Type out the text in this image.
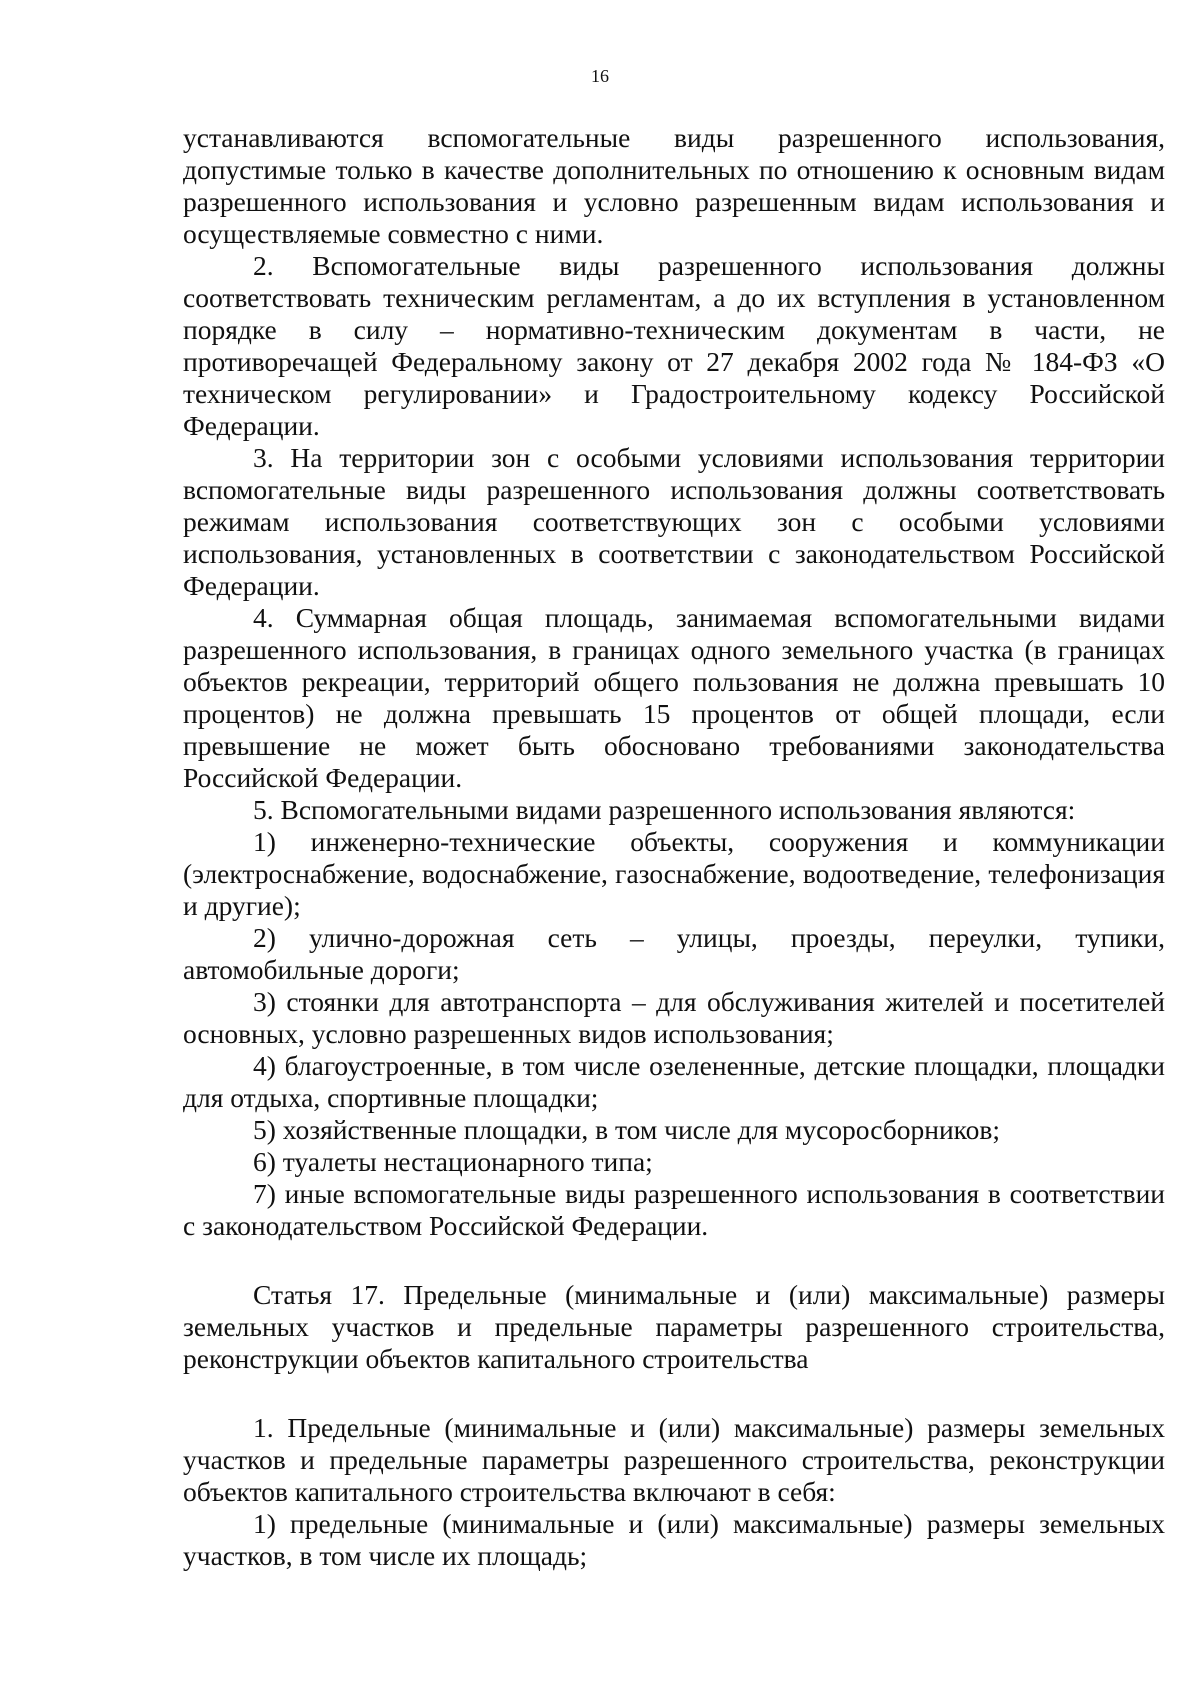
16

устанавливаются вспомогательные виды разрешенного использования, допустимые только в качестве дополнительных по отношению к основным видам разрешенного использования и условно разрешенным видам использования и осуществляемые совместно с ними.

2. Вспомогательные виды разрешенного использования должны соответствовать техническим регламентам, а до их вступления в установленном порядке в силу – нормативно-техническим документам в части, не противоречащей Федеральному закону от 27 декабря 2002 года № 184-ФЗ «О техническом регулировании» и Градостроительному кодексу Российской Федерации.

3. На территории зон с особыми условиями использования территории вспомогательные виды разрешенного использования должны соответствовать режимам использования соответствующих зон с особыми условиями использования, установленных в соответствии с законодательством Российской Федерации.

4. Суммарная общая площадь, занимаемая вспомогательными видами разрешенного использования, в границах одного земельного участка (в границах объектов рекреации, территорий общего пользования не должна превышать 10 процентов) не должна превышать 15 процентов от общей площади, если превышение не может быть обосновано требованиями законодательства Российской Федерации.

5. Вспомогательными видами разрешенного использования являются:

1) инженерно-технические объекты, сооружения и коммуникации (электроснабжение, водоснабжение, газоснабжение, водоотведение, телефонизация и другие);

2) улично-дорожная сеть – улицы, проезды, переулки, тупики, автомобильные дороги;

3) стоянки для автотранспорта – для обслуживания жителей и посетителей основных, условно разрешенных видов использования;

4) благоустроенные, в том числе озелененные, детские площадки, площадки для отдыха, спортивные площадки;

5) хозяйственные площадки, в том числе для мусоросборников;

6) туалеты нестационарного типа;

7) иные вспомогательные виды разрешенного использования в соответствии с законодательством Российской Федерации.

Статья 17. Предельные (минимальные и (или) максимальные) размеры земельных участков и предельные параметры разрешенного строительства, реконструкции объектов капитального строительства

1. Предельные (минимальные и (или) максимальные) размеры земельных участков и предельные параметры разрешенного строительства, реконструкции объектов капитального строительства включают в себя:

1) предельные (минимальные и (или) максимальные) размеры земельных участков, в том числе их площадь;
